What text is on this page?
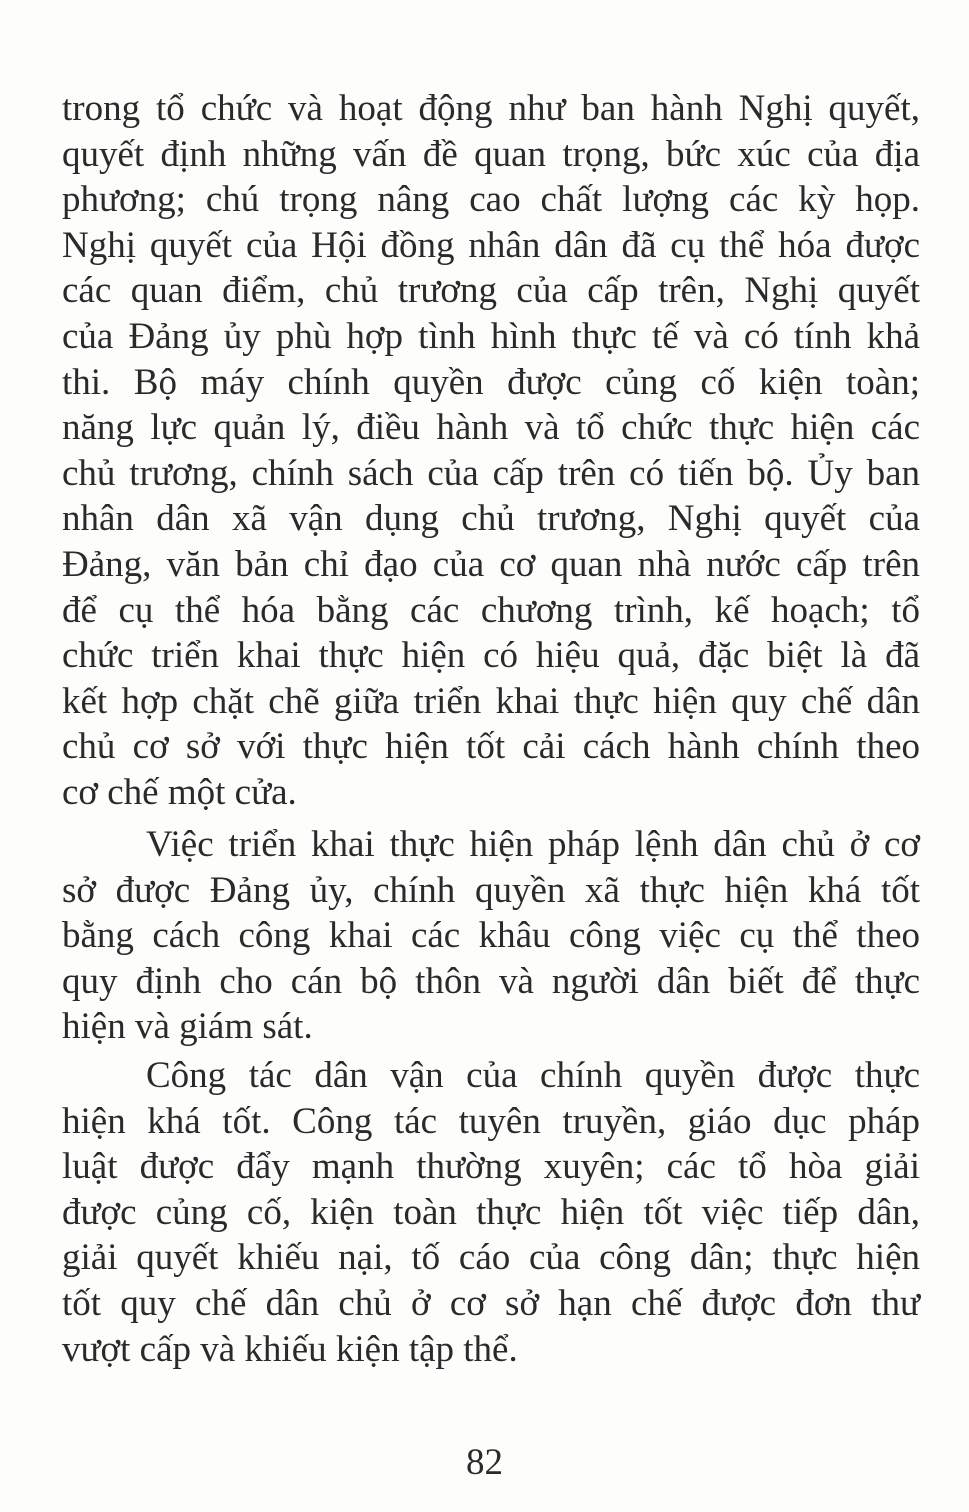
trong tổ chức và hoạt động như ban hành Nghị quyết,
quyết định những vấn đề quan trọng, bức xúc của địa
phương; chú trọng nâng cao chất lượng các kỳ họp.
Nghị quyết của Hội đồng nhân dân đã cụ thể hóa được
các quan điểm, chủ trương của cấp trên, Nghị quyết
của Đảng ủy phù hợp tình hình thực tế và có tính khả
thi. Bộ máy chính quyền được củng cố kiện toàn;
năng lực quản lý, điều hành và tổ chức thực hiện các
chủ trương, chính sách của cấp trên có tiến bộ. Ủy ban
nhân dân xã vận dụng chủ trương, Nghị quyết của
Đảng, văn bản chỉ đạo của cơ quan nhà nước cấp trên
để cụ thể hóa bằng các chương trình, kế hoạch; tổ
chức triển khai thực hiện có hiệu quả, đặc biệt là đã
kết hợp chặt chẽ giữa triển khai thực hiện quy chế dân
chủ cơ sở với thực hiện tốt cải cách hành chính theo
cơ chế một cửa.
Việc triển khai thực hiện pháp lệnh dân chủ ở cơ
sở được Đảng ủy, chính quyền xã thực hiện khá tốt
bằng cách công khai các khâu công việc cụ thể theo
quy định cho cán bộ thôn và người dân biết để thực
hiện và giám sát.
Công tác dân vận của chính quyền được thực
hiện khá tốt. Công tác tuyên truyền, giáo dục pháp
luật được đẩy mạnh thường xuyên; các tổ hòa giải
được củng cố, kiện toàn thực hiện tốt việc tiếp dân,
giải quyết khiếu nại, tố cáo của công dân; thực hiện
tốt quy chế dân chủ ở cơ sở hạn chế được đơn thư
vượt cấp và khiếu kiện tập thể.
82
